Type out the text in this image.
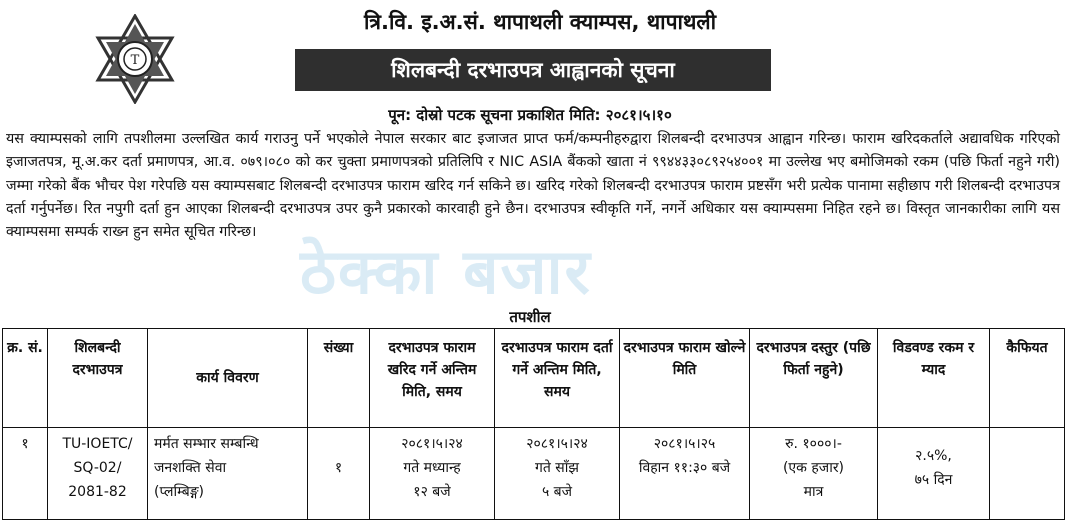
T
त्रि.वि. इ.अ.सं. थापाथली क्याम्पस, थापाथली
शिलबन्दी दरभाउपत्र आह्वानको सूचना
पून: दोस्रो पटक सूचना प्रकाशित मिति: २०८१।५।१०
यस क्याम्पसको लागि तपशीलमा उल्लखित कार्य गराउनु पर्ने भएकोले नेपाल सरकार बाट इजाजत प्राप्त फर्म/कम्पनीहरुद्वारा शिलबन्दी दरभाउपत्र आह्वान गरिन्छ। फाराम खरिदकर्ताले अद्यावधिक गरिएको इजाजतपत्र, मू.अ.कर दर्ता प्रमाणपत्र, आ.व. ०७९।०८० को कर चुक्ता प्रमाणपत्रको प्रतिलिपि र NIC ASIA बैंकको खाता नं ९९४४३३०८९२५४००१ मा उल्लेख भए बमोजिमको रकम (पछि फिर्ता नहुने गरी) जम्मा गरेको बैंक भौचर पेश गरेपछि यस क्याम्पसबाट शिलबन्दी दरभाउपत्र फाराम खरिद गर्न सकिने छ। खरिद गरेको शिलबन्दी दरभाउपत्र फाराम प्रष्टसँग भरी प्रत्येक पानामा सहीछाप गरी शिलबन्दी दरभाउपत्र दर्ता गर्नुपर्नेछ। रित नपुगी दर्ता हुन आएका शिलबन्दी दरभाउपत्र उपर कुनै प्रकारको कारवाही हुने छैन। दरभाउपत्र स्वीकृति गर्ने, नगर्ने अधिकार यस क्याम्पसमा निहित रहने छ। विस्तृत जानकारीका लागि यस क्याम्पसमा सम्पर्क राख्न हुन समेत सूचित गरिन्छ।
ठेक्का बजार
तपशील
क्र. सं.	शिलबन्दी दरभाउपत्र	कार्य विवरण	संख्या	दरभाउपत्र फाराम खरिद गर्ने अन्तिम मिति, समय	दरभाउपत्र फाराम दर्ता गर्ने अन्तिम मिति, समय	दरभाउपत्र फाराम खोल्ने मिति	दरभाउपत्र दस्तुर (पछि फिर्ता नहुने)	विडवण्ड रकम र म्याद	कैफियत
१	TU-IOETC/
SQ-02/
2081-82	मर्मत सम्भार सम्बन्धि
जनशक्ति सेवा
(प्लम्बिङ्ग)	१	२०८१।५।२४
गते मध्यान्ह
१२ बजे	२०८१।५।२४
गते साँझ
५ बजे	२०८१।५।२५
विहान ११:३० बजे	रु. १०००।-
(एक हजार)
मात्र	२.५%,
७५ दिन	
